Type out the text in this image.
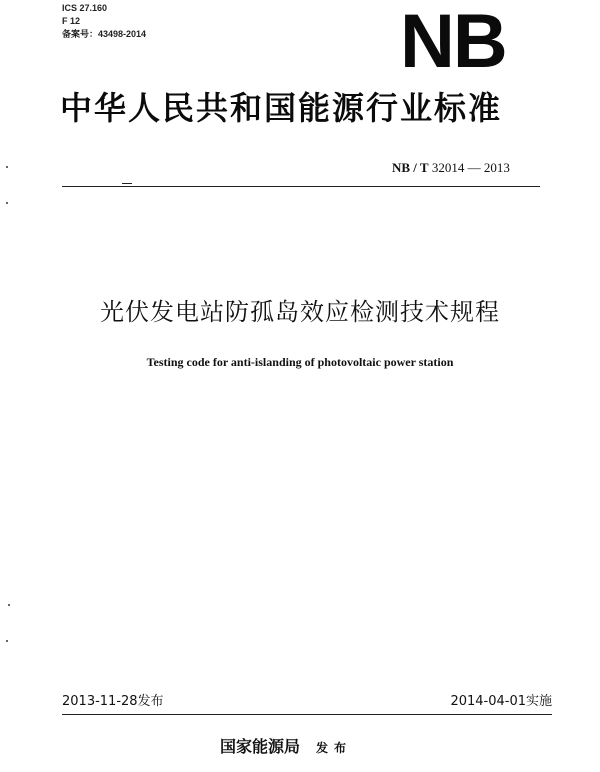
ICS 27.160
F 12
备案号：43498-2014	NB
中华人民共和国能源行业标准
NB / T 32014 — 2013
光伏发电站防孤岛效应检测技术规程
Testing code for anti-islanding of photovoltaic power station
2013-11-28发布	2014-04-01实施
国家能源局 发布
